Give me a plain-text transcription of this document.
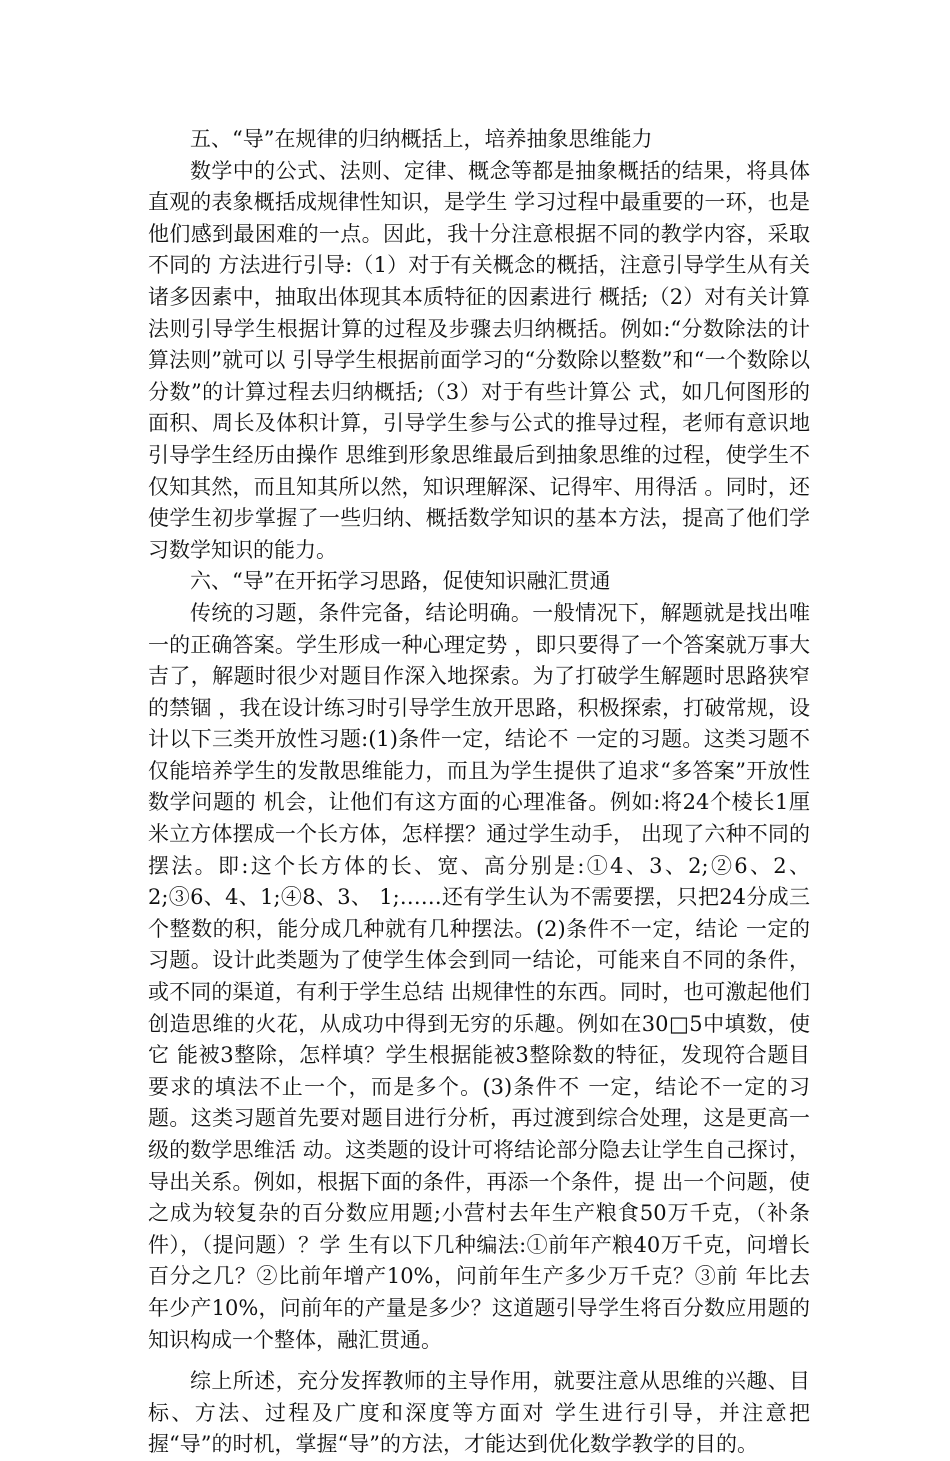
五、“导”在规律的归纳概括上，培养抽象思维能力

数学中的公式、法则、定律、概念等都是抽象概括的结果，将具体直观的表象概括成规律性知识，是学生 学习过程中最重要的一环，也是他们感到最困难的一点。因此，我十分注意根据不同的教学内容，采取不同的 方法进行引导:（1）对于有关概念的概括，注意引导学生从有关诸多因素中，抽取出体现其本质特征的因素进行 概括;（2）对有关计算法则引导学生根据计算的过程及步骤去归纳概括。例如:“分数除法的计算法则”就可以 引导学生根据前面学习的“分数除以整数”和“一个数除以分数”的计算过程去归纳概括;（3）对于有些计算公 式，如几何图形的面积、周长及体积计算，引导学生参与公式的推导过程，老师有意识地引导学生经历由操作 思维到形象思维最后到抽象思维的过程，使学生不仅知其然，而且知其所以然，知识理解深、记得牢、用得活 。同时，还使学生初步掌握了一些归纳、概括数学知识的基本方法，提高了他们学习数学知识的能力。

六、“导”在开拓学习思路，促使知识融汇贯通

传统的习题，条件完备，结论明确。一般情况下，解题就是找出唯一的正确答案。学生形成一种心理定势 ，即只要得了一个答案就万事大吉了，解题时很少对题目作深入地探索。为了打破学生解题时思路狭窄的禁锢 ，我在设计练习时引导学生放开思路，积极探索，打破常规，设计以下三类开放性习题:(1)条件一定，结论不 一定的习题。这类习题不仅能培养学生的发散思维能力，而且为学生提供了追求“多答案”开放性数学问题的 机会，让他们有这方面的心理准备。例如:将24个棱长1厘米立方体摆成一个长方体，怎样摆？通过学生动手， 出现了六种不同的摆法。即:这个长方体的长、宽、高分别是:①4、3、2;②6、2、2;③6、4、1;④8、3、 1;……还有学生认为不需要摆，只把24分成三个整数的积，能分成几种就有几种摆法。(2)条件不一定，结论 一定的习题。设计此类题为了使学生体会到同一结论，可能来自不同的条件，或不同的渠道，有利于学生总结 出规律性的东西。同时，也可激起他们创造思维的火花，从成功中得到无穷的乐趣。例如在30□5中填数，使它 能被3整除，怎样填？学生根据能被3整除数的特征，发现符合题目要求的填法不止一个，而是多个。(3)条件不 一定，结论不一定的习题。这类习题首先要对题目进行分析，再过渡到综合处理，这是更高一级的数学思维活 动。这类题的设计可将结论部分隐去让学生自己探讨，导出关系。例如，根据下面的条件，再添一个条件，提 出一个问题，使之成为较复杂的百分数应用题;小营村去年生产粮食50万千克，（补条件），（提问题）？学 生有以下几种编法:①前年产粮40万千克，问增长百分之几？②比前年增产10%，问前年生产多少万千克？③前 年比去年少产10%，问前年的产量是多少？这道题引导学生将百分数应用题的知识构成一个整体，融汇贯通。

综上所述，充分发挥教师的主导作用，就要注意从思维的兴趣、目标、方法、过程及广度和深度等方面对 学生进行引导，并注意把握“导”的时机，掌握“导”的方法，才能达到优化数学教学的目的。
